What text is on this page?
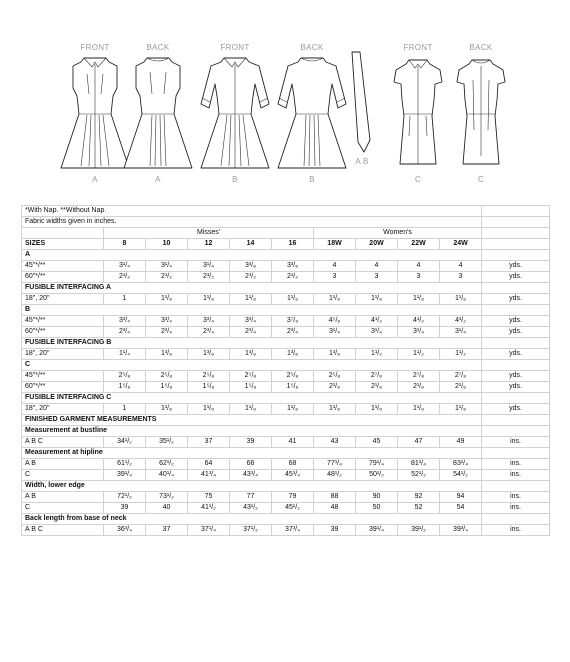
FRONT	BACK	FRONT	BACK	FRONT	BACK
A	A	B	B
A B
C	C
*With Nap. **Without Nap.										
Fabric widths given in inches.										
	Misses'					Women's				
SIZES	8	10	12	14	16	18W	20W	22W	24W	
A										
45"*/**	3¹/₄	3¹/₄	3¹/₄	3³/₈	3³/₈	4	4	4	4	yds.
60"*/**	2¹/₂	2¹/₂	2¹/₂	2¹/₂	2¹/₂	3	3	3	3	yds.
FUSIBLE INTERFACING A										
18", 20"	1	1¹/₈	1¹/₈	1¹/₈	1¹/₈	1¹/₈	1¹/₈	1¹/₈	1¹/₈	yds.
B										
45"*/**	3³/₄	3³/₄	3³/₄	3³/₄	3⁷/₈	4⁵/₈	4¹/₂	4¹/₂	4¹/₂	yds.
60"*/**	2³/₄	2³/₄	2³/₄	2³/₄	2³/₄	3¹/₄	3¹/₄	3¹/₄	3¹/₄	yds.
FUSIBLE INTERFACING B										
18", 20"	1¹/₄	1³/₈	1³/₈	1³/₈	1³/₈	1³/₈	1¹/₂	1¹/₂	1¹/₂	yds.
C										
45"*/**	2⁵/₈	2⁵/₈	2⁵/₈	2⁵/₈	2⁵/₈	2⁵/₈	2⁷/₈	2⁷/₈	2⁷/₈	yds.
60"*/**	1⁵/₈	1⁵/₈	1⁵/₈	1⁵/₈	1⁵/₈	2¹/₈	2¹/₈	2¹/₈	2¹/₈	yds.
FUSIBLE INTERFACING C										
18", 20"	1	1¹/₈	1¹/₈	1¹/₈	1¹/₈	1¹/₈	1¹/₈	1¹/₈	1¹/₈	yds.
FINISHED GARMENT MEASUREMENTS										
Measurement at bustline										
A B C	34¹/₂	35¹/₂	37	39	41	43	45	47	49	ins.
Measurement at hipline										
A B	61¹/₂	62¹/₂	64	66	68	77¹/₄	79¹/₄	81¹/₄	83¹/₄	ins.
C	39¹/₄	40¹/₄	41³/₄	43³/₄	45³/₄	48¹/₂	50¹/₂	52¹/₂	54¹/₂	ins.
Width, lower edge										
A B	72¹/₂	73¹/₂	75	77	79	88	90	92	94	ins.
C	39	40	41¹/₂	43¹/₂	45¹/₂	48	50	52	54	ins.
Back length from base of neck										
A B C	36³/₄	37	37¹/₄	37¹/₂	37³/₄	39	39¹/₄	39¹/₂	39³/₄	ins.
